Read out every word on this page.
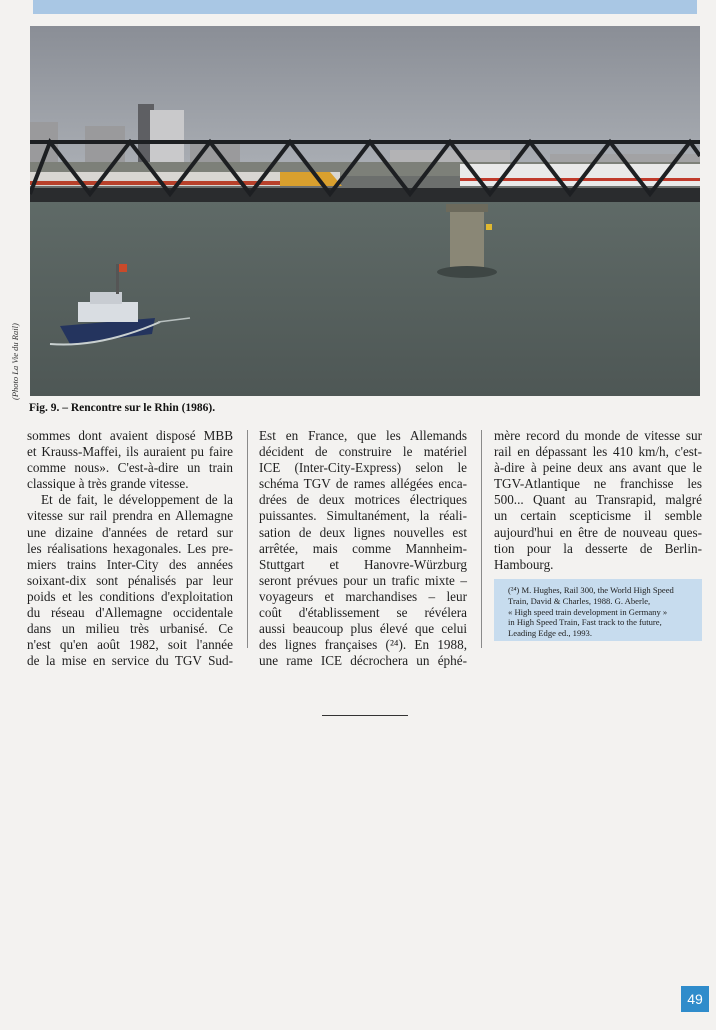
(Photo La Vie du Rail)
Fig. 9. – Rencontre sur le Rhin (1986).
sommes dont avaient disposé MBB
et Krauss-Maffei, ils auraient pu faire
comme nous». C'est-à-dire un train
classique à très grande vitesse.
Et de fait, le développement de la
vitesse sur rail prendra en Allemagne
une dizaine d'années de retard sur
les réalisations hexagonales. Les pre-
miers trains Inter-City des années
soixant-dix sont pénalisés par leur
poids et les conditions d'exploitation
du réseau d'Allemagne occidentale
dans un milieu très urbanisé. Ce
n'est qu'en août 1982, soit l'année
de la mise en service du TGV Sud-
Est en France, que les Allemands
décident de construire le matériel
ICE (Inter-City-Express) selon le
schéma TGV de rames allégées enca-
drées de deux motrices électriques
puissantes. Simultanément, la réali-
sation de deux lignes nouvelles est
arrêtée, mais comme Mannheim-
Stuttgart et Hanovre-Würzburg
seront prévues pour un trafic mixte –
voyageurs et marchandises – leur
coût d'établissement se révélera
aussi beaucoup plus élevé que celui
des lignes françaises (²⁴). En 1988,
une rame ICE décrochera un éphé-
mère record du monde de vitesse sur
rail en dépassant les 410 km/h, c'est-
à-dire à peine deux ans avant que le
TGV-Atlantique ne franchisse les
500... Quant au Transrapid, malgré
un certain scepticisme il semble
aujourd'hui en être de nouveau ques-
tion pour la desserte de Berlin-
Hambourg.
(²⁴) M. Hughes, Rail 300, the World High Speed
Train, David & Charles, 1988. G. Aberle,
« High speed train development in Germany »
in High Speed Train, Fast track to the future,
Leading Edge ed., 1993.
49
